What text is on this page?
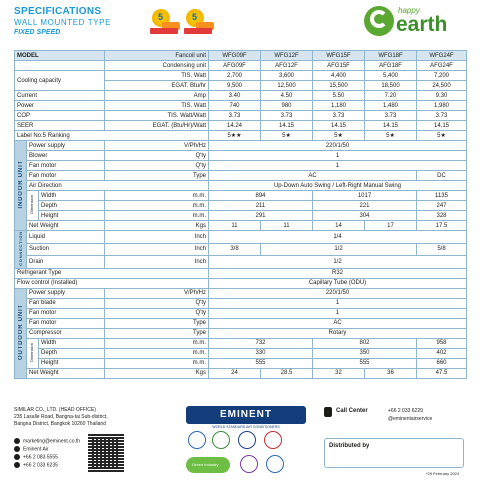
SPECIFICATIONS
WALL MOUNTED TYPE
FIXED SPEED
5	5
happy
earth
MODEL			Fancoil unit	WFG09F	WFG12F	WFG15F	WFG18F	WFG24F
			Condensing unit	AFG09F	AFG12F	AFG15F	AFG18F	AFG24F
Cooling capacity			TIS. Watt	2,700	3,600	4,400	5,400	7,200
			EGAT. Btu/hr	9,500	12,500	15,500	18,500	24,500
Current			Amp	3.40	4.50	5.50	7.20	9.30
Power			TIS. Watt	740	980	1,180	1,480	1,980
COP			TIS. Watt/Watt	3.73	3.73	3.73	3.73	3.73
SEER			EGAT. (Btu/Hr)/Watt	14.24	14.15	14.15	14.15	14.15
Label No.5 Ranking				5★★	5★	5★	5★	5★
INDOOR UNIT	Power supply		V/Ph/Hz	220/1/50				
	Blower		Q'ty	1				
	Fan motor		Q'ty	1				
	Fan motor		Type	AC				DC
	Air Direction			Up-Down Auto Swing / Left-Right Manual Swing				
	Dimension	Width	m.m.	894		1017		1135
		Depth	m.m.	211		221		247
		Height	m.m.	291		304		328
	Net Weight		Kgs	11	11	14	17	17.5
CONNECTION	Liquid		Inch	1/4				
	Suction		Inch	3/8	1/2			5/8
	Drain		Inch	1/2				
Refrigerant Type				R32				
Flow control (Installed)				Capillary Tube (ODU)				
OUTDOOR UNIT	Power supply		V/Ph/Hz	220/1/50				
	Fan blade		Q'ty	1				
	Fan motor		Q'ty	1				
	Fan motor		Type	AC				
	Compressor		Type	Rotary				
	Dimension	Width	m.m.	732		802		958
		Depth	m.m.	330		350		402
		Height	m.m.	555		555		660
	Net Weight		Kgs	24	28.5	32	36	47.5
SIMILAR CO., LTD. (HEAD OFFICE)
235 Lasalle Road, Bangna-tai Sub-district,
Bangna District, Bangkok 10260 Thailand
marketing@eminent.co.th
Eminent Air
+66 2 083 5555
+66 2 033 6235
EMINENT
WORLD STANDARD AIR CONDITIONERS
Green Industry
Call Center	+66 2 033 6229
@eminentairservice
Distributed by
*29 February 2024
